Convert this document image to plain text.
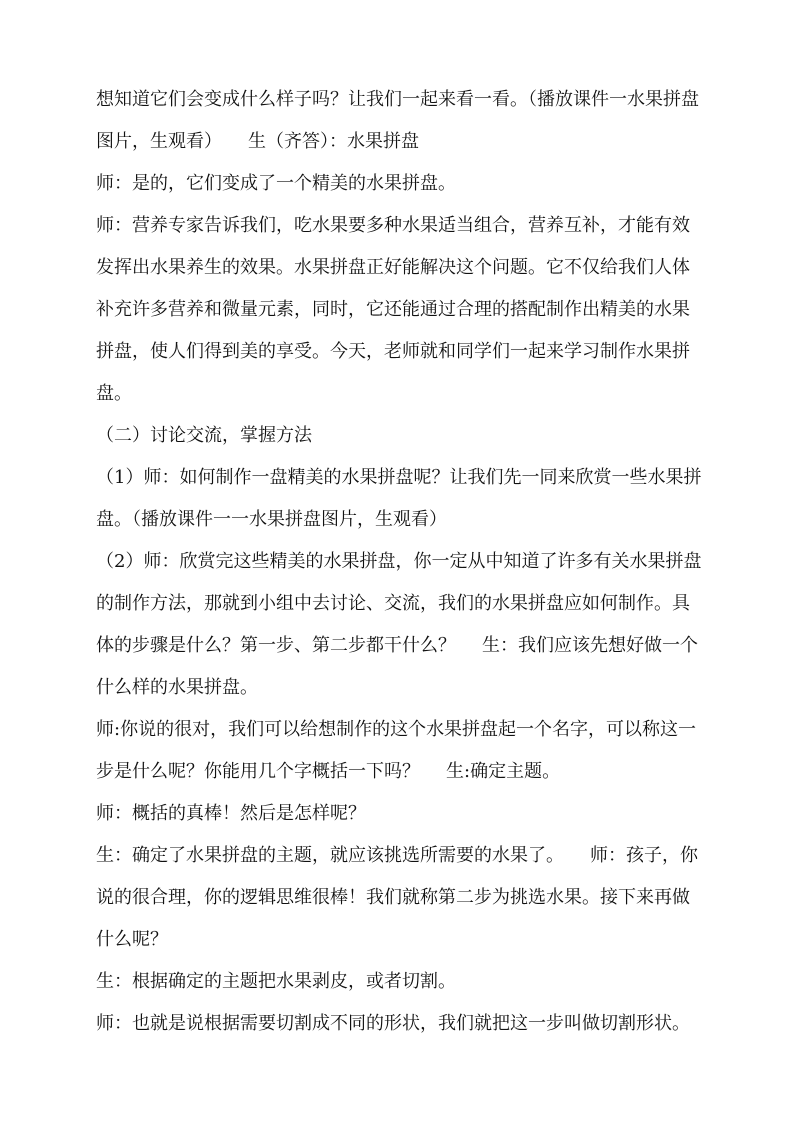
想知道它们会变成什么样子吗？让我们一起来看一看。（播放课件一水果拼盘
图片，生观看） 生（齐答）：水果拼盘
师：是的，它们变成了一个精美的水果拼盘。
师：营养专家告诉我们，吃水果要多种水果适当组合，营养互补，才能有效
发挥出水果养生的效果。水果拼盘正好能解决这个问题。它不仅给我们人体
补充许多营养和微量元素，同时，它还能通过合理的搭配制作出精美的水果
拼盘，使人们得到美的享受。今天，老师就和同学们一起来学习制作水果拼
盘。
（二）讨论交流，掌握方法
（1）师：如何制作一盘精美的水果拼盘呢？让我们先一同来欣赏一些水果拼
盘。（播放课件一一水果拼盘图片，生观看）
（2）师：欣赏完这些精美的水果拼盘，你一定从中知道了许多有关水果拼盘
的制作方法，那就到小组中去讨论、交流，我们的水果拼盘应如何制作。具
体的步骤是什么？第一步、第二步都干什么？ 生：我们应该先想好做一个
什么样的水果拼盘。
师:你说的很对，我们可以给想制作的这个水果拼盘起一个名字，可以称这一
步是什么呢？你能用几个字概括一下吗？ 生:确定主题。
师：概括的真棒！然后是怎样呢？
生：确定了水果拼盘的主题，就应该挑选所需要的水果了。 师：孩子，你
说的很合理，你的逻辑思维很棒！我们就称第二步为挑选水果。接下来再做
什么呢？
生：根据确定的主题把水果剥皮，或者切割。
师：也就是说根据需要切割成不同的形状，我们就把这一步叫做切割形状。
